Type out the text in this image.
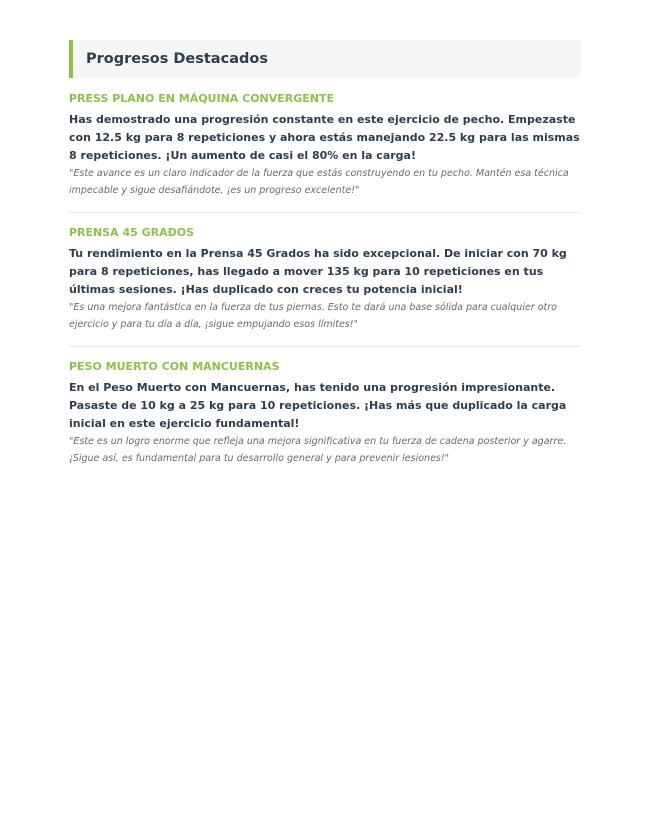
Progresos Destacados
PRESS PLANO EN MÁQUINA CONVERGENTE
Has demostrado una progresión constante en este ejercicio de pecho. Empezaste con 12.5 kg para 8 repeticiones y ahora estás manejando 22.5 kg para las mismas 8 repeticiones. ¡Un aumento de casi el 80% en la carga!
"Este avance es un claro indicador de la fuerza que estás construyendo en tu pecho. Mantén esa técnica impecable y sigue desafiándote, ¡es un progreso excelente!"
PRENSA 45 GRADOS
Tu rendimiento en la Prensa 45 Grados ha sido excepcional. De iniciar con 70 kg para 8 repeticiones, has llegado a mover 135 kg para 10 repeticiones en tus últimas sesiones. ¡Has duplicado con creces tu potencia inicial!
"Es una mejora fantástica en la fuerza de tus piernas. Esto te dará una base sólida para cualquier otro ejercicio y para tu día a día, ¡sigue empujando esos límites!"
PESO MUERTO CON MANCUERNAS
En el Peso Muerto con Mancuernas, has tenido una progresión impresionante. Pasaste de 10 kg a 25 kg para 10 repeticiones. ¡Has más que duplicado la carga inicial en este ejercicio fundamental!
"Este es un logro enorme que refleja una mejora significativa en tu fuerza de cadena posterior y agarre. ¡Sigue así, es fundamental para tu desarrollo general y para prevenir lesiones!"
